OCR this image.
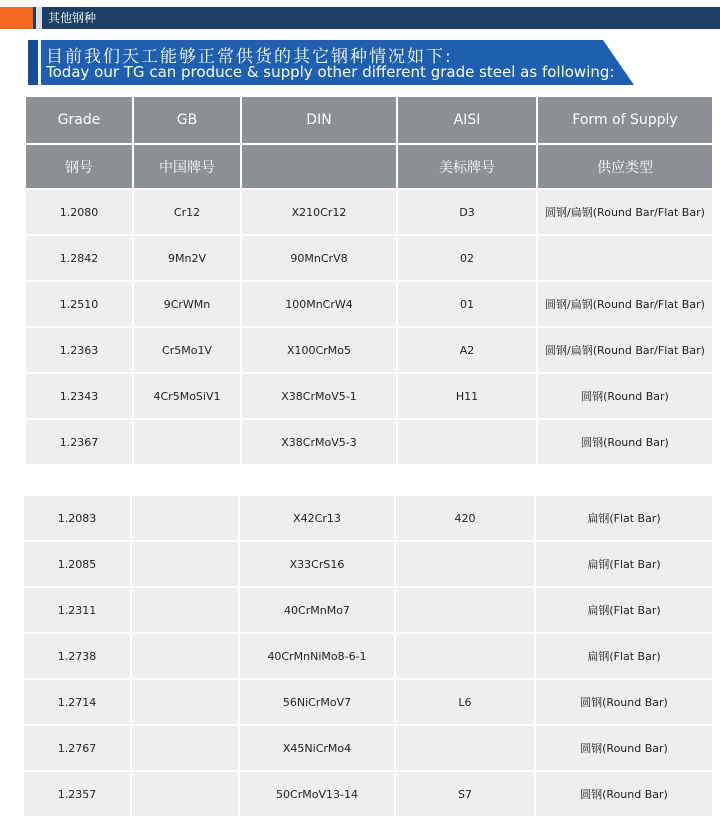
其他钢种
目前我们天工能够正常供货的其它钢种情况如下:
Today our TG can produce & supply other different grade steel as following:
Grade	GB	DIN	AISI	Form of Supply
钢号	中国牌号		美标牌号	供应类型
1.2080	Cr12	X210Cr12	D3	圆钢/扁钢(Round Bar/Flat Bar)
1.2842	9Mn2V	90MnCrV8	02	
1.2510	9CrWMn	100MnCrW4	01	圆钢/扁钢(Round Bar/Flat Bar)
1.2363	Cr5Mo1V	X100CrMo5	A2	圆钢/扁钢(Round Bar/Flat Bar)
1.2343	4Cr5MoSiV1	X38CrMoV5-1	H11	圆钢(Round Bar)
1.2367		X38CrMoV5-3		圆钢(Round Bar)
1.2083		X42Cr13	420	扁钢(Flat Bar)
1.2085		X33CrS16		扁钢(Flat Bar)
1.2311		40CrMnMo7		扁钢(Flat Bar)
1.2738		40CrMnNiMo8-6-1		扁钢(Flat Bar)
1.2714		56NiCrMoV7	L6	圆钢(Round Bar)
1.2767		X45NiCrMo4		圆钢(Round Bar)
1.2357		50CrMoV13-14	S7	圆钢(Round Bar)
